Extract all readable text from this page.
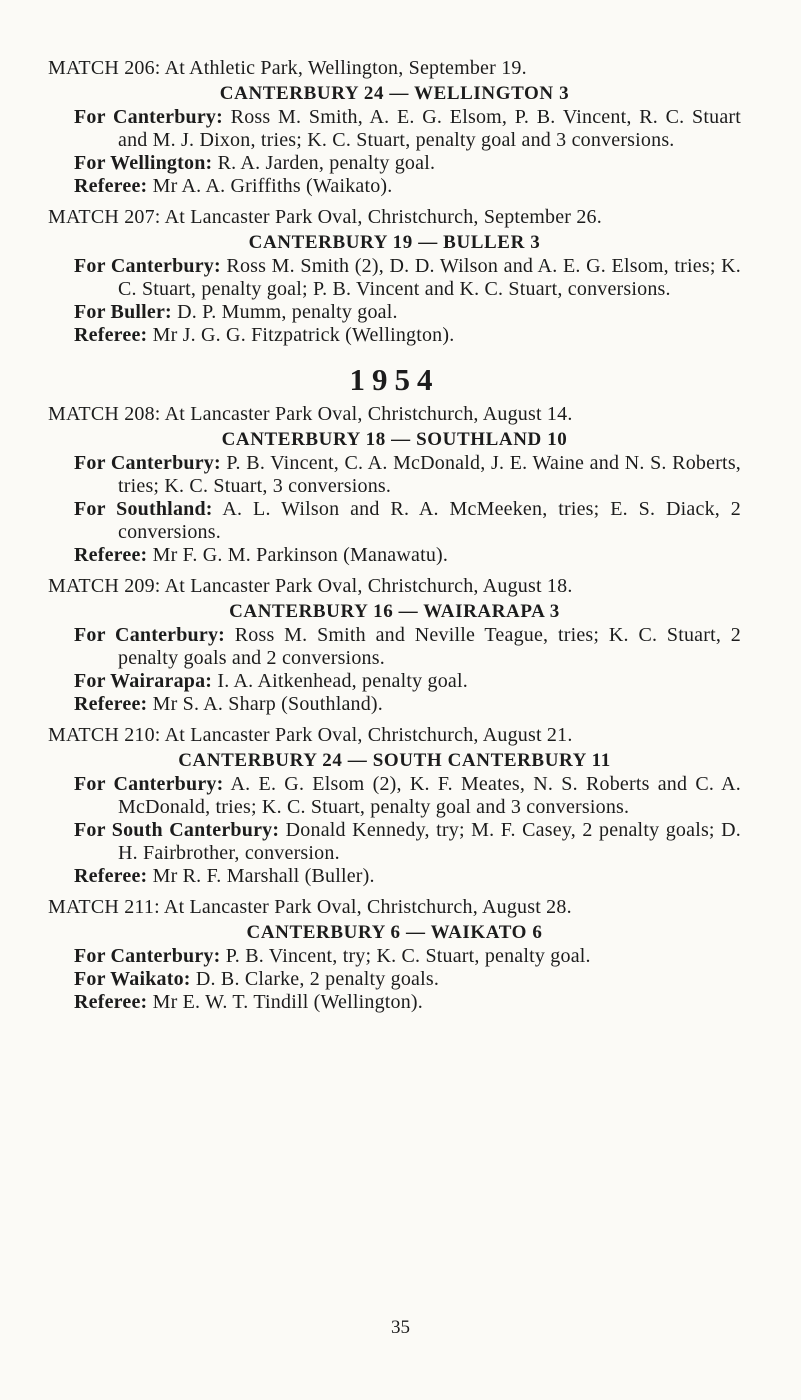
MATCH 206: At Athletic Park, Wellington, September 19.
CANTERBURY 24 — WELLINGTON 3
For Canterbury: Ross M. Smith, A. E. G. Elsom, P. B. Vincent, R. C. Stuart and M. J. Dixon, tries; K. C. Stuart, penalty goal and 3 conversions.
For Wellington: R. A. Jarden, penalty goal.
Referee: Mr A. A. Griffiths (Waikato).
MATCH 207: At Lancaster Park Oval, Christchurch, September 26.
CANTERBURY 19 — BULLER 3
For Canterbury: Ross M. Smith (2), D. D. Wilson and A. E. G. Elsom, tries; K. C. Stuart, penalty goal; P. B. Vincent and K. C. Stuart, conversions.
For Buller: D. P. Mumm, penalty goal.
Referee: Mr J. G. G. Fitzpatrick (Wellington).
1954
MATCH 208: At Lancaster Park Oval, Christchurch, August 14.
CANTERBURY 18 — SOUTHLAND 10
For Canterbury: P. B. Vincent, C. A. McDonald, J. E. Waine and N. S. Roberts, tries; K. C. Stuart, 3 conversions.
For Southland: A. L. Wilson and R. A. McMeeken, tries; E. S. Diack, 2 conversions.
Referee: Mr F. G. M. Parkinson (Manawatu).
MATCH 209: At Lancaster Park Oval, Christchurch, August 18.
CANTERBURY 16 — WAIRARAPA 3
For Canterbury: Ross M. Smith and Neville Teague, tries; K. C. Stuart, 2 penalty goals and 2 conversions.
For Wairarapa: I. A. Aitkenhead, penalty goal.
Referee: Mr S. A. Sharp (Southland).
MATCH 210: At Lancaster Park Oval, Christchurch, August 21.
CANTERBURY 24 — SOUTH CANTERBURY 11
For Canterbury: A. E. G. Elsom (2), K. F. Meates, N. S. Roberts and C. A. McDonald, tries; K. C. Stuart, penalty goal and 3 conversions.
For South Canterbury: Donald Kennedy, try; M. F. Casey, 2 penalty goals; D. H. Fairbrother, conversion.
Referee: Mr R. F. Marshall (Buller).
MATCH 211: At Lancaster Park Oval, Christchurch, August 28.
CANTERBURY 6 — WAIKATO 6
For Canterbury: P. B. Vincent, try; K. C. Stuart, penalty goal.
For Waikato: D. B. Clarke, 2 penalty goals.
Referee: Mr E. W. T. Tindill (Wellington).
35
